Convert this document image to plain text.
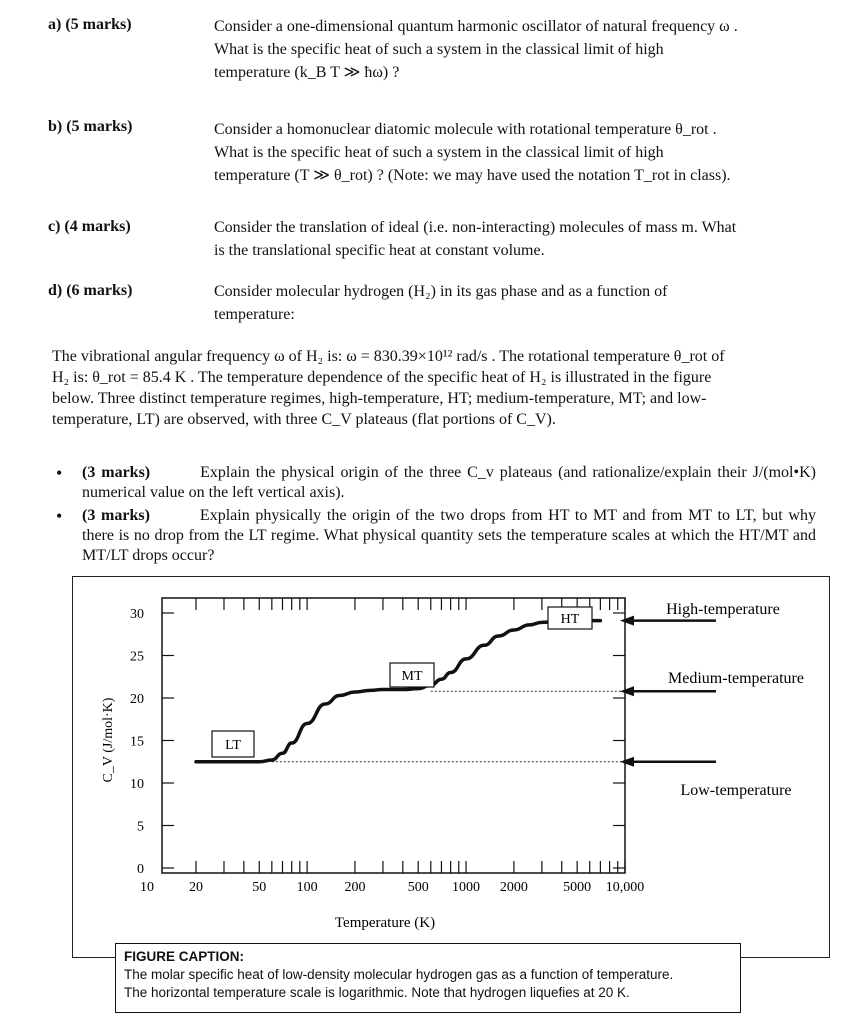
a) (5 marks)	Consider a one-dimensional quantum harmonic oscillator of natural frequency ω .
What is the specific heat of such a system in the classical limit of high
temperature (k_B T ≫ ħω) ?
b) (5 marks)	Consider a homonuclear diatomic molecule with rotational temperature θ_rot .
What is the specific heat of such a system in the classical limit of high
temperature (T ≫ θ_rot) ? (Note: we may have used the notation T_rot in class).
c) (4 marks)	Consider the translation of ideal (i.e. non-interacting) molecules of mass m. What
is the translational specific heat at constant volume.
d) (6 marks)	Consider molecular hydrogen (H₂) in its gas phase and as a function of
temperature:
The vibrational angular frequency ω of H₂ is: ω = 830.39×10¹² rad/s . The rotational temperature θ_rot of
H₂ is: θ_rot = 85.4 K . The temperature dependence of the specific heat of H₂ is illustrated in the figure
below. Three distinct temperature regimes, high-temperature, HT; medium-temperature, MT; and low-
temperature, LT) are observed, with three C_V plateaus (flat portions of C_V).
• (3 marks)	Explain the physical origin of the three C_v plateaus (and rationalize/explain their J/(mol•K) numerical value on the left vertical axis).
• (3 marks)	Explain physically the origin of the two drops from HT to MT and from MT to LT, but why there is no drop from the LT regime. What physical quantity sets the temperature scales at which the HT/MT and MT/LT drops occur?
0
5
10
15
20
25
30
10	20	50 100 200	500 1000 2000	5000 10,000
Temperature (K)
C_V (J/mol·K)	LT
MT
HT
High-temperature
Medium-temperature
Low-temperature
FIGURE CAPTION:
The molar specific heat of low-density molecular hydrogen gas as a function of temperature.
The horizontal temperature scale is logarithmic. Note that hydrogen liquefies at 20 K.
